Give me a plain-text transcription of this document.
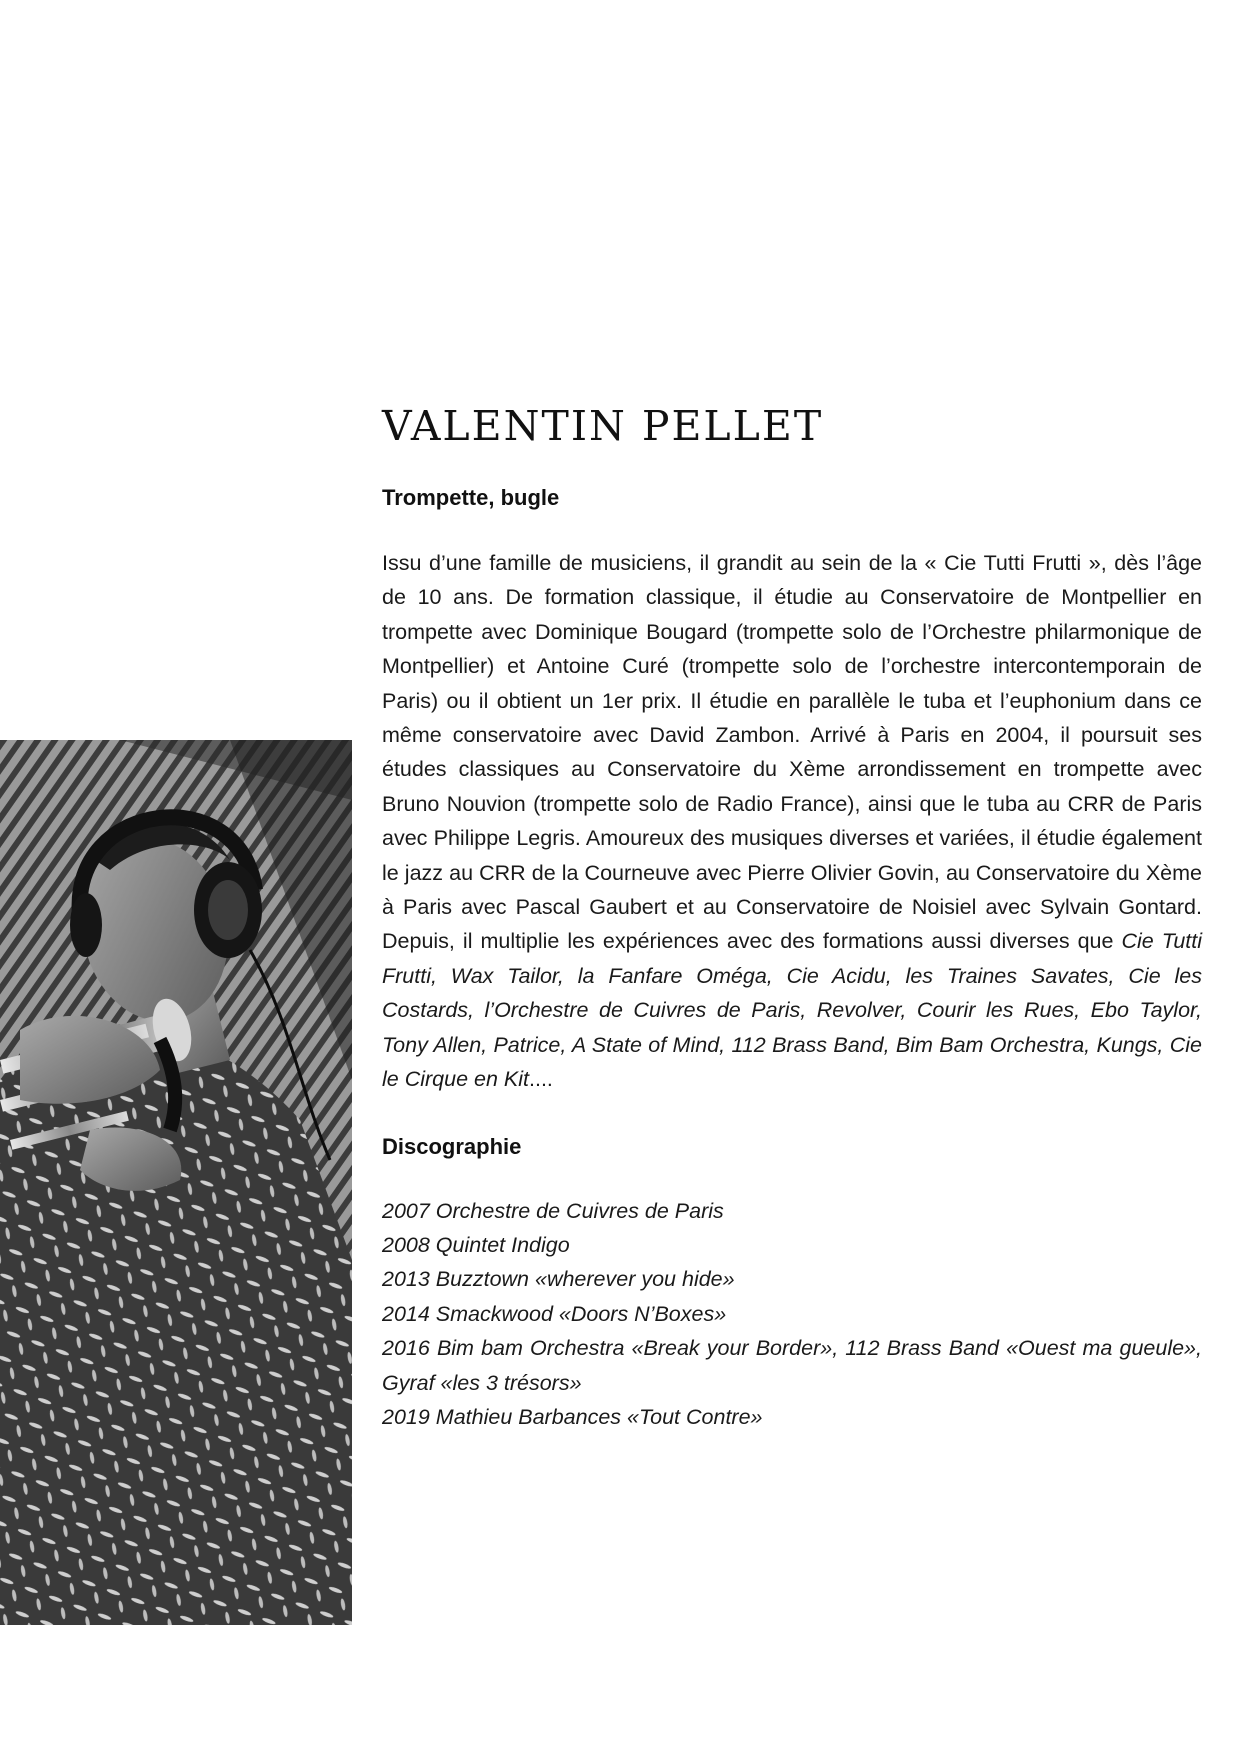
VALENTIN PELLET

Trompette, bugle

Issu d’une famille de musiciens, il grandit au sein de la « Cie Tutti Frutti », dès l’âge de 10 ans. De formation classique, il étudie au Conservatoire de Montpellier en trompette avec Dominique Bougard (trompette solo de l’Orchestre philarmonique de Montpellier) et Antoine Curé (trompette solo de l’orchestre intercontemporain de Paris) ou il obtient un 1er prix. Il étudie en parallèle le tuba et l’euphonium dans ce même conservatoire avec David Zambon. Arrivé à Paris en 2004, il poursuit ses études classiques au Conservatoire du Xème arrondissement en trompette avec Bruno Nouvion (trompette solo de Radio France), ainsi que le tuba au CRR de Paris avec Philippe Legris. Amoureux des musiques diverses et variées, il étudie également le jazz au CRR de la Courneuve avec Pierre Olivier Govin, au Conservatoire du Xème à Paris avec Pascal Gaubert et au Conservatoire de Noisiel avec Sylvain Gontard. Depuis, il multiplie les expériences avec des formations aussi diverses que Cie Tutti Frutti, Wax Tailor, la Fanfare Oméga, Cie Acidu, les Traines Savates, Cie les Costards, l’Orchestre de Cuivres de Paris, Revolver, Courir les Rues, Ebo Taylor, Tony Allen, Patrice, A State of Mind, 112 Brass Band, Bim Bam Orchestra, Kungs, Cie le Cirque en Kit....

Discographie

2007 Orchestre de Cuivres de Paris
2008 Quintet Indigo
2013 Buzztown «wherever you hide»
2014 Smackwood «Doors N’Boxes»
2016 Bim bam Orchestra «Break your Border», 112 Brass Band «Ouest ma gueule», Gyraf «les 3 trésors»
2019 Mathieu Barbances «Tout Contre»
